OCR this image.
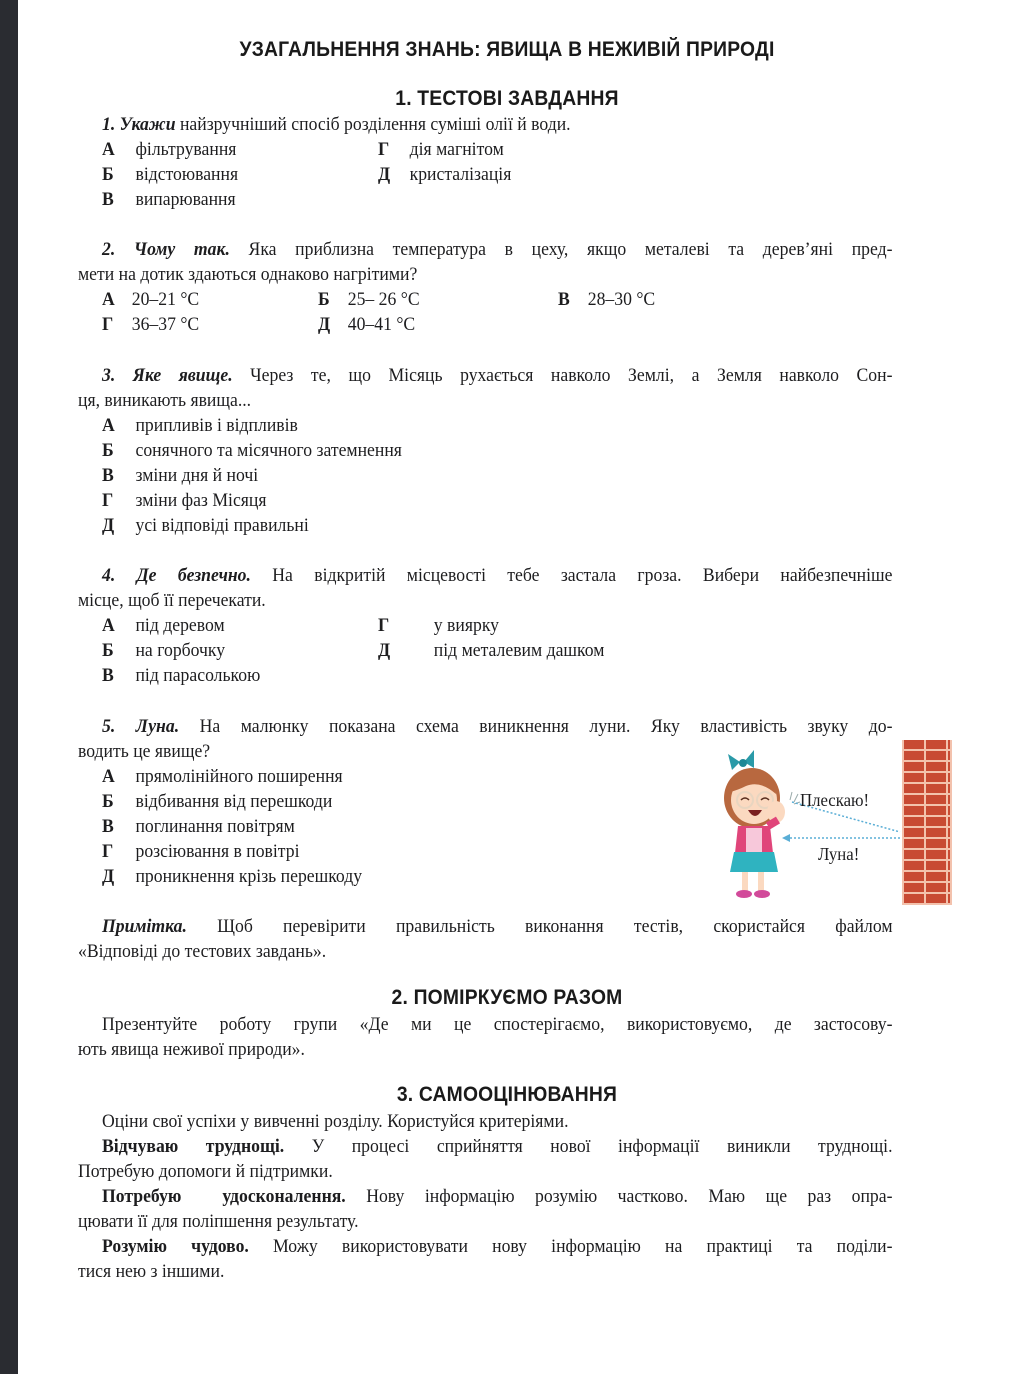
УЗАГАЛЬНЕННЯ ЗНАНЬ: ЯВИЩА В НЕЖИВІЙ ПРИРОДІ
1. ТЕСТОВІ ЗАВДАННЯ
1. Укажи найзручніший спосіб розділення суміші олії й води.
А фільтрування
Б відстоювання
В випарювання
Г дія магнітом
Д кристалізація
2. Чому так. Яка приблизна температура в цеху, якщо металеві та дерев’яні пред-
мети на дотик здаються однаково нагрітими?
А 20–21 °C	Б 25– 26 °C	В 28–30 °C
Г 36–37 °C	Д 40–41 °C
3. Яке явище. Через те, що Місяць рухається навколо Землі, а Земля навколо Сон-
ця, виникають явища...
А припливів і відпливів
Б сонячного та місячного затемнення
В зміни дня й ночі
Г зміни фаз Місяця
Д усі відповіді правильні
4. Де безпечно. На відкритій місцевості тебе застала гроза. Вибери найбезпечніше
місце, щоб її перечекати.
А під деревом
Б на горбочку
В під парасолькою
Г у виярку
Д під металевим дашком
5. Луна. На малюнку показана схема виникнення луни. Яку властивість звуку до-
водить це явище?
А прямолінійного поширення
Б відбивання від перешкоди
В поглинання повітрям
Г розсіювання в повітрі
Д проникнення крізь перешкоду
Плескаю!
Луна!
Примітка. Щоб перевірити правильність виконання тестів, скористайся файлом
«Відповіді до тестових завдань».
2. ПОМІРКУЄМО РАЗОМ
Презентуйте роботу групи «Де ми це спостерігаємо, використовуємо, де застосову-
ють явища неживої природи».
3. САМООЦІНЮВАННЯ
Оціни свої успіхи у вивченні розділу. Користуйся критеріями.
Відчуваю труднощі. У процесі сприйняття нової інформації виникли труднощі.
Потребую допомоги й підтримки.
Потребую  удосконалення. Нову інформацію розумію частково. Маю ще раз опра-
цювати її для поліпшення результату.
Розумію чудово. Можу використовувати нову інформацію на практиці та поділи-
тися нею з іншими.
